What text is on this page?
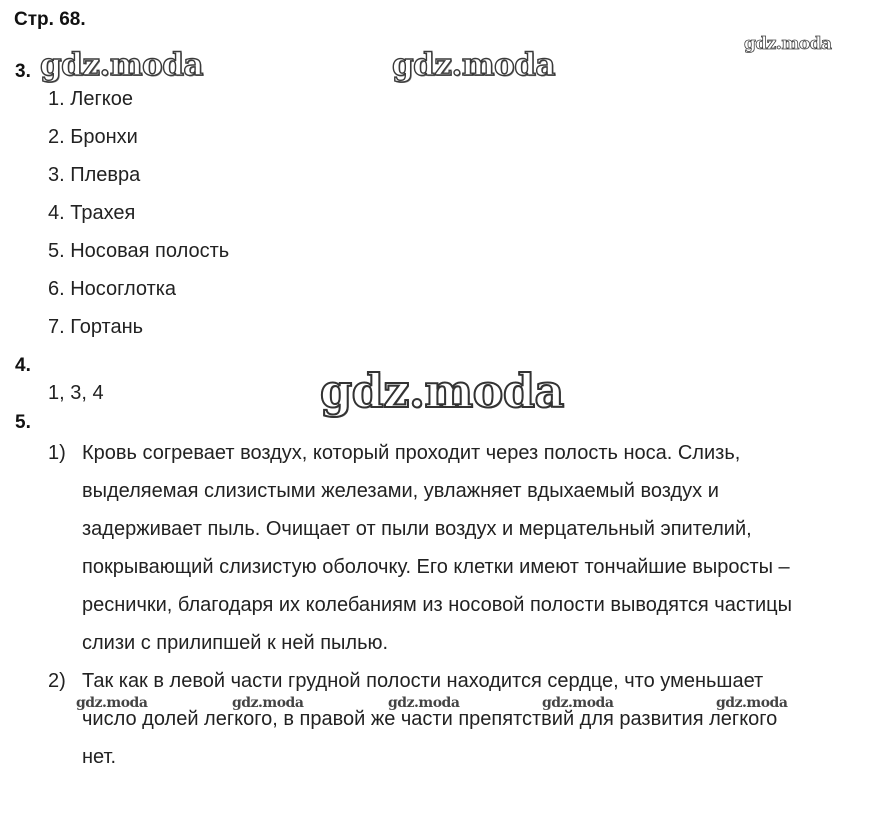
Стр. 68.
gdz.moda
gdz.moda	gdz.moda
gdz.moda
3.
1. Легкое
2. Бронхи
3. Плевра
4. Трахея
5. Носовая полость
6. Носоглотка
7. Гортань
4.
1, 3, 4
5.
1) Кровь согревает воздух, который проходит через полость носа. Слизь,
выделяемая слизистыми железами, увлажняет вдыхаемый воздух и
задерживает пыль. Очищает от пыли воздух и мерцательный эпителий,
покрывающий слизистую оболочку. Его клетки имеют тончайшие выросты –
реснички, благодаря их колебаниям из носовой полости выводятся частицы
слизи с прилипшей к ней пылью.
2) Так как в левой части грудной полости находится сердце, что уменьшает
число долей легкого, в правой же части препятствий для развития легкого
нет.
gdz.moda	gdz.moda	gdz.moda	gdz.moda	gdz.moda
